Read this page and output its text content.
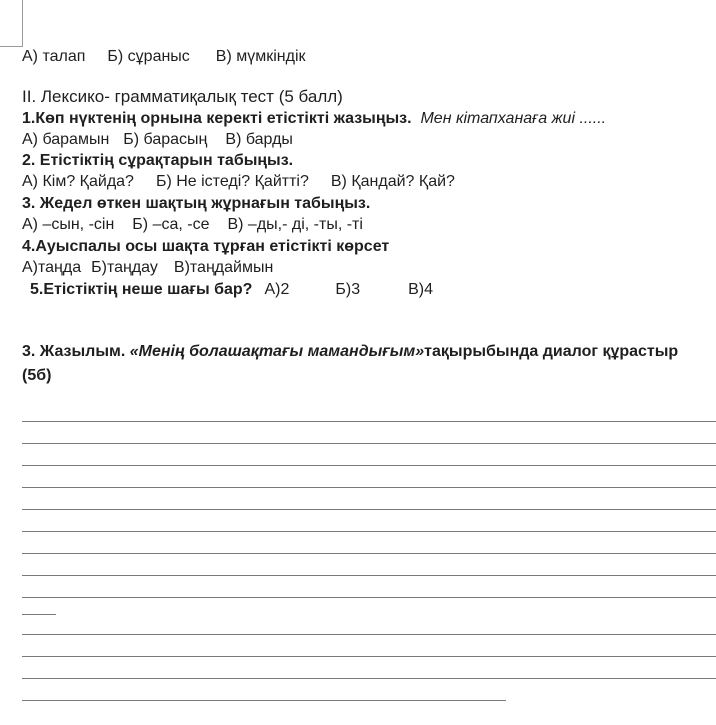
А) талап Б) сұраныс В) мүмкіндік
II. Лексико- грамматиқалық тест (5 балл)
1.Көп нүктенің орнына керекті етістікті жазыңыз. Мен кітапханаға жиі ......
А) барамын Б) барасың В) барды
2. Етістіктің сұрақтарын табыңыз.
А) Кім? Қайда? Б) Не істеді? Қайтті? В) Қандай? Қай?
3. Жедел өткен шақтың жұрнағын табыңыз.
А) –сын, -сін Б) –са, -се В) –ды,- ді, -ты, -ті
4.Ауыспалы осы шақта тұрған етістікті көрсет
А)таңда Б)таңдау В)таңдаймын
5.Етістіктің неше шағы бар? А)2	Б)3	В)4
3. Жазылым. «Менің болашақтағы мамандығым»тақырыбында диалог құрастыр
(5б)
